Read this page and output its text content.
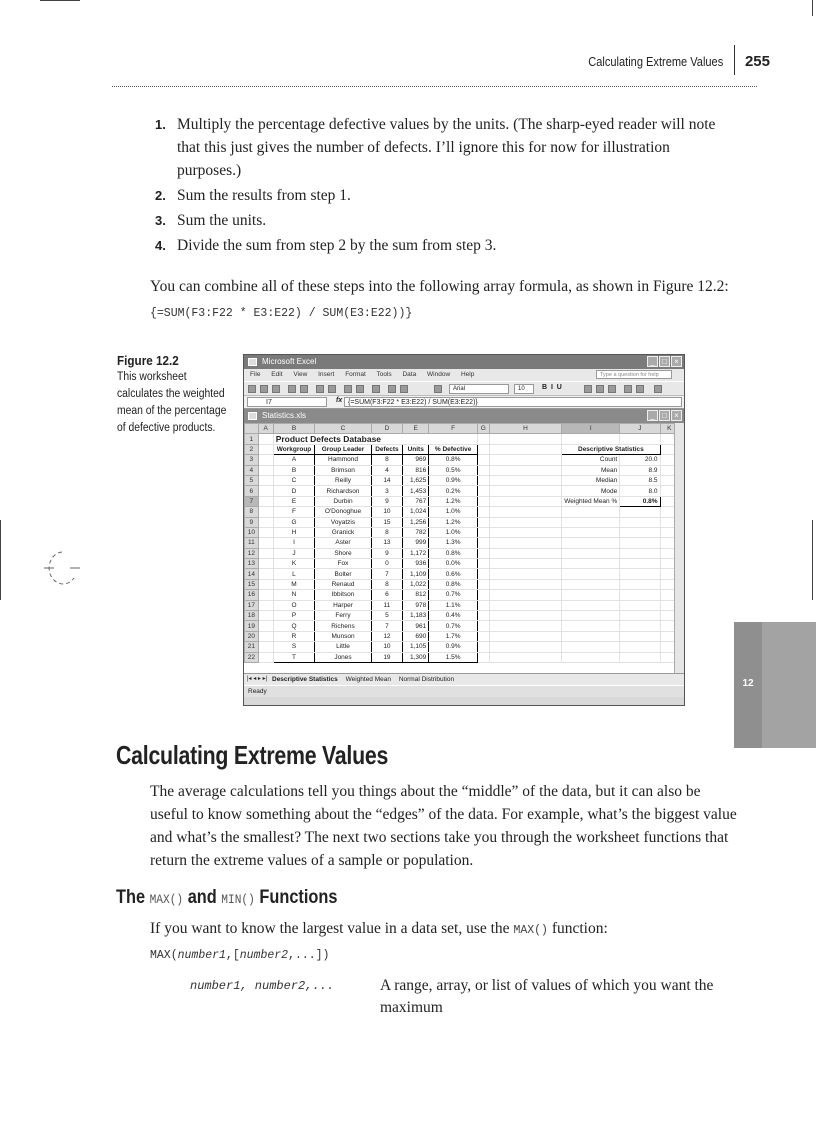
Calculating Extreme Values 255
1. Multiply the percentage defective values by the units. (The sharp-eyed reader will note that this just gives the number of defects. I’ll ignore this for now for illustration purposes.)
2. Sum the results from step 1.
3. Sum the units.
4. Divide the sum from step 2 by the sum from step 3.

You can combine all of these steps into the following array formula, as shown in Figure 12.2:

{=SUM(F3:F22 * E3:E22) / SUM(E3:E22))}
Figure 12.2
This worksheet calculates the weighted mean of the percentage of defective products.
Microsoft Excel	_ □ ×
File Edit View Insert Format Tools Data Window Help	Type a question for help
Arial	10	B  I  U
I7	fx {=SUM(F3:F22 * E3:E22) / SUM(E3:E22)}
Statistics.xls	_ □ ×
	A	B	C	D	E	F	G	H	I	J	K	
1		Product Defects Database										
2		Workgroup	Group Leader	Defects	Units	% Defective			Descriptive Statistics			
3		A	Hammond	8	969	0.8%			Count	20.0		
4		B	Brimson	4	816	0.5%			Mean	8.9		
5		C	Reilly	14	1,625	0.9%			Median	8.5		
6		D	Richardson	3	1,453	0.2%			Mode	8.0		
7		E	Durbin	9	767	1.2%			Weighted Mean %	0.8%		
8		F	O'Donoghue	10	1,024	1.0%						
9		G	Voyatzis	15	1,256	1.2%						
10		H	Granick	8	782	1.0%						
11		I	Aster	13	999	1.3%						
12		J	Shore	9	1,172	0.8%						
13		K	Fox	0	936	0.0%						
14		L	Bolter	7	1,109	0.6%						
15		M	Renaud	8	1,022	0.8%						
16		N	Ibbitson	6	812	0.7%						
17		O	Harper	11	978	1.1%						
18		P	Ferry	5	1,183	0.4%						
19		Q	Richens	7	961	0.7%						
20		R	Munson	12	690	1.7%						
21		S	Little	10	1,105	0.9%						
22		T	Jones	19	1,309	1.5%						
|◂ ◂ ▸ ▸| Descriptive Statistics Weighted Mean Normal Distribution
Ready
12
Calculating Extreme Values

The average calculations tell you things about the “middle” of the data, but it can also be useful to know something about the “edges” of the data. For example, what’s the biggest value and what’s the smallest? The next two sections take you through the worksheet functions that return the extreme values of a sample or population.

The MAX() and MIN() Functions

If you want to know the largest value in a data set, use the MAX() function:

MAX(number1,[number2,...])
number1, number2,...	A range, array, or list of values of which you want the maximum
